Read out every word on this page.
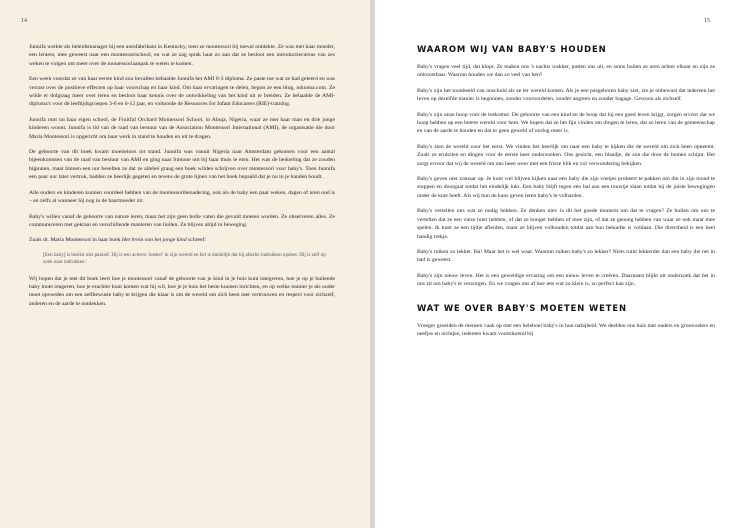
14

Junnifa werkte als beleidsmanager bij een autofabrikant in Kentucky, toen ze montessori bij toeval ontdekte. Ze was met haar moeder, een lerares, mee geweest naar een montessorischool, en wat ze zag sprak haar zo aan dat ze besloot een introductiecursus van zes weken te volgen om meer over de montessoriaanpak te weten te komen.

Een week voordat ze van haar eerste kind zou bevallen behaalde Junnifa het AMI 0-3 diploma. Ze paste toe wat ze had geleerd en was verrast over de positieve effecten op haar voorschap en haar kind. Om haar ervaringen te delen, begon ze een blog, nduoma.com. Ze wilde er dolgraag meer over leren en besloot haar kennis over de ontwikkeling van het kind uit te breiden. Ze behaalde de AMI-diploma's voor de leeftijdsgroepen 3-6 en 6-12 jaar, en voltooide de Resources for Infant Educarers (RIE)-training.

Junnifa runt nu haar eigen school, de Fruitful Orchard Montessori School, in Abuja, Nigeria, waar ze met haar man en drie jonge kinderen woont. Junnifa is lid van de raad van bestuur van de Association Montessori International (AMI), de organisatie die door Maria Montessori is opgericht om haar werk in stand te houden en uit te dragen.

De geboorte van dit boek kwam moeiteloos tot stand. Junnifa was vanuit Nigeria naar Amsterdam gekomen voor een aantal bijeenkomsten van de raad van bestuur van AMI en ging naar Simone om bij haar thuis te eten. Het was de bedoeling dat ze zouden bijpraten, maar binnen een uur beseften ze dat ze allebei graag een boek wilden schrijven over montessori voor baby's. Toen Junnifa een paar uur later vertrok, hadden ze heerlijk gegeten en tevens de grote lijnen van het boek bepaald dat je nu in je handen houdt.

Alle ouders en kinderen kunnen voordeel hebben van de montessoribenadering, ook als de baby een paar weken, dagen of uren oud is – en zelfs al wanneer hij nog in de baarmoeder zit.

Baby's willen vanaf de geboorte van nature leren, maar het zijn geen holle vaten die gevuld moeten worden. Ze observeren alles. Ze communiceren met gekraai en verschillende manieren van huilen. Ze blijven altijd in beweging.

Zoals dr. Maria Montessori in haar boek Het brein van het jonge kind schreef:

[Een baby] is beslist niet passief. Hij is een actieve 'zoeker' in zijn wereld en het is duidelijk dat hij allerlei indrukken opdoet. Hij is zelf op zoek naar indrukken.'

Wij hopen dat je met dit boek leert hoe je montessori vanaf de geboorte van je kind in je huis kunt integreren, hoe je op je huilende baby moet reageren, hoe je erachter kunt komen wat hij wil, hoe je je huis het beste kunnen inrichten, en op welke manier je als ouder moet opvoeden om een zelfbewuste baby te krijgen die klaar is om de wereld om zich heen met vertrouwen en respect voor zichzelf, anderen en de aarde te ontdekken.

15
WAAROM WIJ VAN BABY'S HOUDEN

Baby's vragen veel tijd, dat klopt. Ze maken ons 's nachts wakker, putten ons uit, en soms huilen ze uren achter elkaar en zijn ze ontroostbaar. Waarom houden we dan zo veel van hen?

Baby's zijn het toonbeeld van onschuld als ze ter wereld komen. Als je een pasgeboren baby ziet, zie je onbewust dat iedereen het leven op dezelfde manier is begonnen, zonder vooroordelen, zonder angsten en zonder bagage. Gewoon als zichzelf.

Baby's zijn onze hoop voor de toekomst. De geboorte van een kind en de hoop dat hij een goed leven krijgt, zorgen ervoor dat we hoop hebben op een betere wereld voor hem. We hopen dat ze het fijn vinden om dingen te leren, dat ze leren van de gemeenschap en van de aarde te houden en dat er geen geweld of oorlog meer is.

Baby's zien de wereld voor het eerst. We vinden het heerlijk om naar een baby te kijken die de wereld om zich heen opneemt. Zoals ze eruitzien en dingen voor de eerste keer onderzoeken. Ons gezicht, een blaadje, de zon die door de bomen schijnt. Het zorgt ervoor dat wij de wereld om ons heen weer met een frisse blik en vol verwondering bekijken.

Baby's geven niet zomaar op. Je kunt wel blijven kijken naar een baby die zijn voetjes probeert te pakken om die in zijn mond te stoppen en doorgaat totdat het eindelijk lukt. Een baby blijft tegen een bal aan een touwtje slaan totdat hij de juiste bewegingen onder de knie heeft. Als wij hun de kans geven leren baby's te volharden.

Baby's vertellen ons wat ze nodig hebben. Ze denken niet: is dit het goede moment om dat te vragen? Ze huilen om ons te vertellen dat ze een vieze luier hebben, of dat ze honger hebben of moe zijn, of dat ze genoeg hebben van waar ze ook maar mee spelen. Ik kunt ze een tijdje afleiden, maar ze blijven volhouden totdat aan hun behoefte is voldaan. Die directheid is een heel handig trekje.

Baby's ruiken zo lekker. Ha! Maar het is wel waar. Waarom ruiken baby's zo lekker? Niets ruikt lekkerder dan een baby die net in bad is geweest.

Baby's zijn nieuw leven. Het is een geweldige ervaring om een nieuw leven te creëren. Daarnaast blijkt uit onderzoek dat het in ons zit om baby's te verzorgen. En we vragen ons af hoe iets wat zo klein is, zo perfect kan zijn.

WAT WE OVER BABY'S MOETEN WETEN

Vroeger groeiden de mensen vaak op met een heleboel baby's in hun nabijheid. We deelden ons huis met ouders en grootouders en neefjes en nichtjes; iedereen kwam voortdurend bij
